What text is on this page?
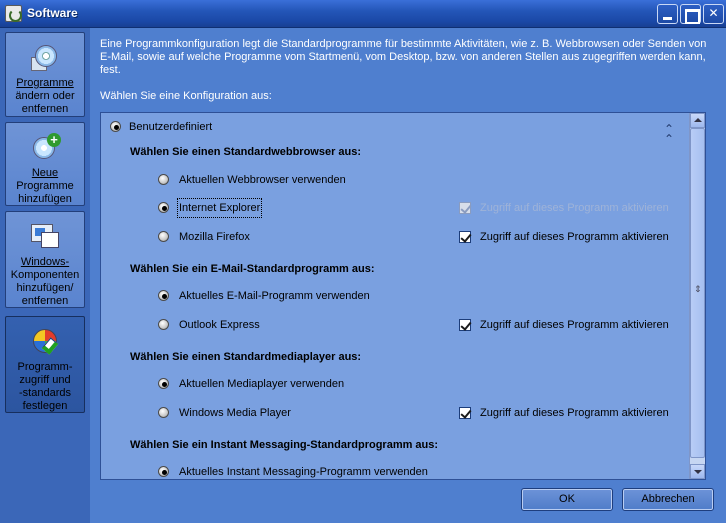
Software	✕
Programme
ändern oder
entfernen
+
Neue
Programme
hinzufügen
Windows-
Komponenten
hinzufügen/
entfernen
Programm-
zugriff und
-standards
festlegen

Eine Programmkonfiguration legt die Standardprogramme für bestimmte Aktivitäten, wie z. B. Webbrowsen oder Senden von E-Mail, sowie auf welche Programme vom Startmenü, vom Desktop, bzw. von anderen Stellen aus zugegriffen werden kann, fest.

Wählen Sie eine Konfiguration aus:
Benutzerdefiniert	⌃
⌃
Wählen Sie einen Standardwebbrowser aus:
Aktuellen Webbrowser verwenden
Internet Explorer	Zugriff auf dieses Programm aktivieren
Mozilla Firefox	Zugriff auf dieses Programm aktivieren
Wählen Sie ein E-Mail-Standardprogramm aus:
Aktuelles E-Mail-Programm verwenden
Outlook Express	Zugriff auf dieses Programm aktivieren
Wählen Sie einen Standardmediaplayer aus:
Aktuellen Mediaplayer verwenden
Windows Media Player	Zugriff auf dieses Programm aktivieren
Wählen Sie ein Instant Messaging-Standardprogramm aus:
Aktuelles Instant Messaging-Programm verwenden
⇕
OK	Abbrechen
